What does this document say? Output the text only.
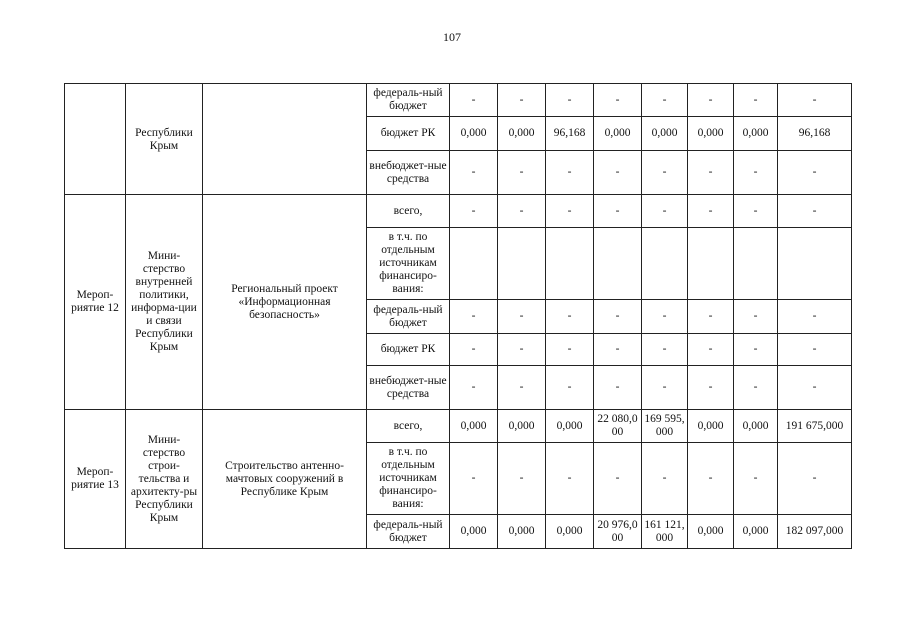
107
	Республики Крым		федераль-ный бюджет	-	-	-	-	-	-	-	-
			бюджет РК	0,000	0,000	96,168	0,000	0,000	0,000	0,000	96,168
			внебюджет-ные средства	-	-	-	-	-	-	-	-
Мероп-риятие 12	Мини-стерство внутренней политики, информа-ции и связи Республики Крым	Региональный проект «Информационная безопасность»	всего,	-	-	-	-	-	-	-	-
			в т.ч. по отдельным источникам финансиро-вания:								
			федераль-ный бюджет	-	-	-	-	-	-	-	-
			бюджет РК	-	-	-	-	-	-	-	-
			внебюджет-ные средства	-	-	-	-	-	-	-	-
Мероп-риятие 13	Мини-стерство строи-тельства и архитекту-ры Республики Крым	Строительство антенно-мачтовых сооружений в Республике Крым	всего,	0,000	0,000	0,000	22 080,000	169 595,000	0,000	0,000	191 675,000
			в т.ч. по отдельным источникам финансиро-вания:	-	-	-	-	-	-	-	-
			федераль-ный бюджет	0,000	0,000	0,000	20 976,000	161 121,000	0,000	0,000	182 097,000
